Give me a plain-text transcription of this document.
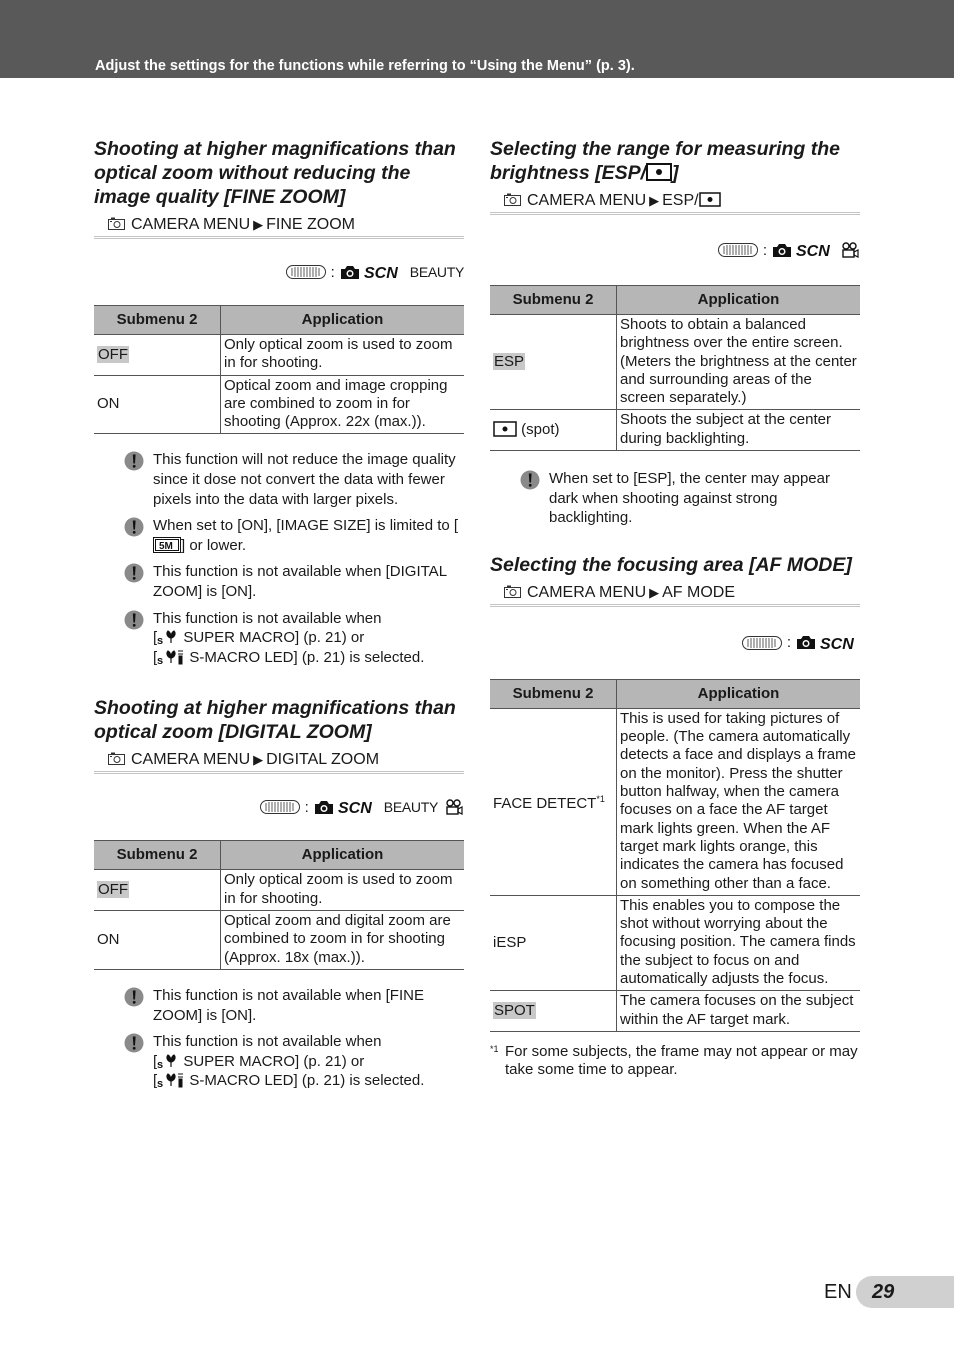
Adjust the settings for the functions while referring to “Using the Menu” (p. 3).
Shooting at higher magnifications than optical zoom without reducing the image quality [FINE ZOOM]
CAMERA MENU ▶ FINE ZOOM
: SCN BEAUTY
Submenu 2	Application
OFF	Only optical zoom is used to zoom in for shooting.
ON	Optical zoom and image cropping are combined to zoom in for shooting (Approx. 22x (max.)).
This function will not reduce the image quality since it dose not convert the data with fewer pixels into the data with larger pixels.
When set to [ON], [IMAGE SIZE] is limited to [
5M ] or lower.
This function is not available when [DIGITAL ZOOM] is [ON].
This function is not available when
[ s SUPER MACRO] (p. 21) or
[ s S-MACRO LED] (p. 21) is selected.
Shooting at higher magnifications than optical zoom [DIGITAL ZOOM]
CAMERA MENU ▶ DIGITAL ZOOM
: SCN BEAUTY
Submenu 2	Application
OFF	Only optical zoom is used to zoom in for shooting.
ON	Optical zoom and digital zoom are combined to zoom in for shooting (Approx. 18x (max.)).
This function is not available when [FINE ZOOM] is [ON].
This function is not available when
[ s SUPER MACRO] (p. 21) or
[ s S-MACRO LED] (p. 21) is selected.
Selecting the range for measuring the brightness [ESP/ ]
CAMERA MENU ▶ ESP/
: SCN
Submenu 2	Application
ESP	Shoots to obtain a balanced brightness over the entire screen. (Meters the brightness at the center and surrounding areas of the screen separately.)
(spot)	Shoots the subject at the center during backlighting.
When set to [ESP], the center may appear dark when shooting against strong backlighting.
Selecting the focusing area [AF MODE]
CAMERA MENU ▶ AF MODE
: SCN
Submenu 2	Application
FACE DETECT$^{*1}$	This is used for taking pictures of people. (The camera automatically detects a face and displays a frame on the monitor). Press the shutter button halfway, when the camera focuses on a face the AF target mark lights green. When the AF target mark lights orange, this indicates the camera has focused on something other than a face.
iESP	This enables you to compose the shot without worrying about the focusing position. The camera finds the subject to focus on and automatically adjusts the focus.
SPOT	The camera focuses on the subject within the AF target mark.
*1 For some subjects, the frame may not appear or may take some time to appear.
EN 29
